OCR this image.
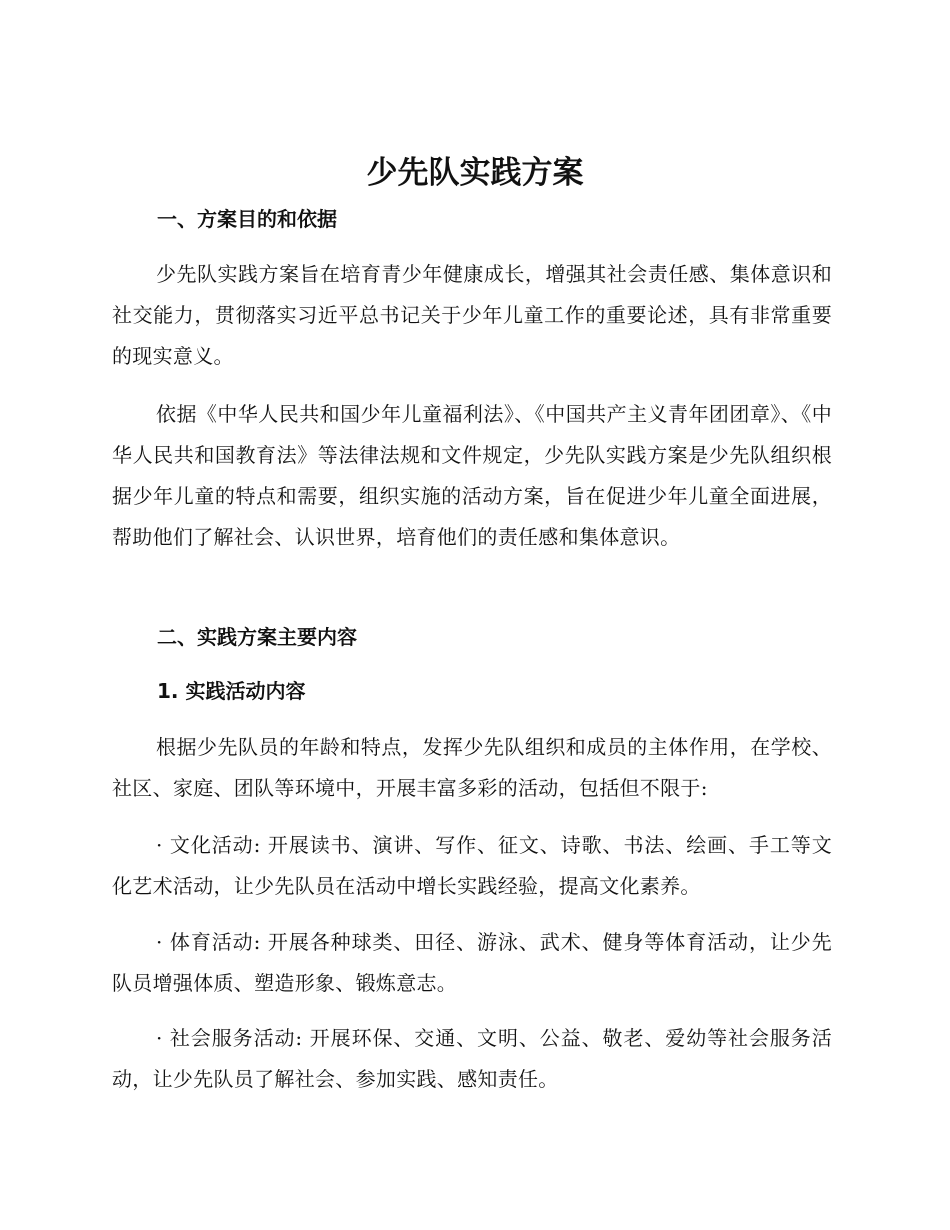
少先队实践方案
一、方案目的和依据

少先队实践方案旨在培育青少年健康成长，增强其社会责任感、集体意识和社交能力，贯彻落实习近平总书记关于少年儿童工作的重要论述，具有非常重要的现实意义。

依据《中华人民共和国少年儿童福利法》、《中国共产主义青年团团章》、《中华人民共和国教育法》等法律法规和文件规定，少先队实践方案是少先队组织根据少年儿童的特点和需要，组织实施的活动方案，旨在促进少年儿童全面进展，帮助他们了解社会、认识世界，培育他们的责任感和集体意识。

二、实践方案主要内容
1. 实践活动内容

根据少先队员的年龄和特点，发挥少先队组织和成员的主体作用，在学校、社区、家庭、团队等环境中，开展丰富多彩的活动，包括但不限于:

· 文化活动: 开展读书、演讲、写作、征文、诗歌、书法、绘画、手工等文化艺术活动，让少先队员在活动中增长实践经验，提高文化素养。

· 体育活动: 开展各种球类、田径、游泳、武术、健身等体育活动，让少先队员增强体质、塑造形象、锻炼意志。

· 社会服务活动: 开展环保、交通、文明、公益、敬老、爱幼等社会服务活动，让少先队员了解社会、参加实践、感知责任。
